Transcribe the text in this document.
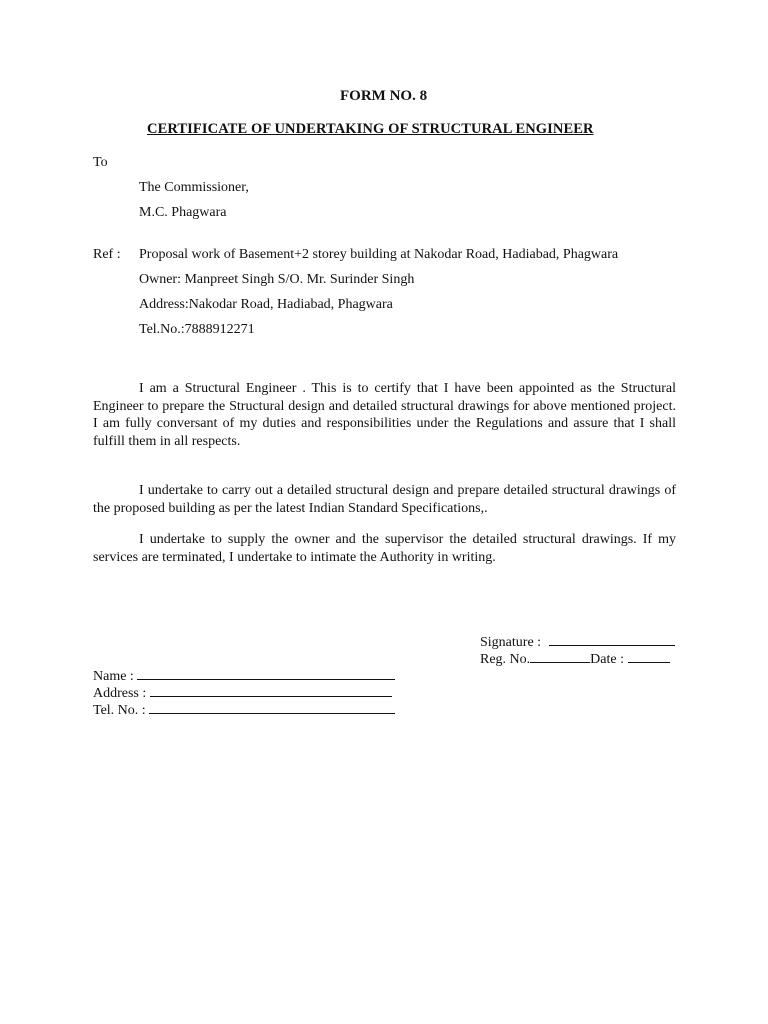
FORM NO. 8
CERTIFICATE OF UNDERTAKING OF STRUCTURAL ENGINEER
To
The Commissioner,
M.C. Phagwara
Ref : Proposal work of Basement+2 storey building at Nakodar Road, Hadiabad, Phagwara
Owner: Manpreet Singh S/O. Mr. Surinder Singh
Address:Nakodar Road, Hadiabad, Phagwara
Tel.No.:7888912271
I am a Structural Engineer . This is to certify that I have been appointed as the Structural Engineer to prepare the Structural design and detailed structural drawings for above mentioned project. I am fully conversant of my duties and responsibilities under the Regulations and assure that I shall fulfill them in all respects.
I undertake to carry out a detailed structural design and prepare detailed structural drawings of the proposed building as per the latest Indian Standard Specifications,.
I undertake to supply the owner and the supervisor the detailed structural drawings. If my services are terminated, I undertake to intimate the Authority in writing.
Signature :
Reg. No.	Date :
Name :
Address :
Tel. No. :
